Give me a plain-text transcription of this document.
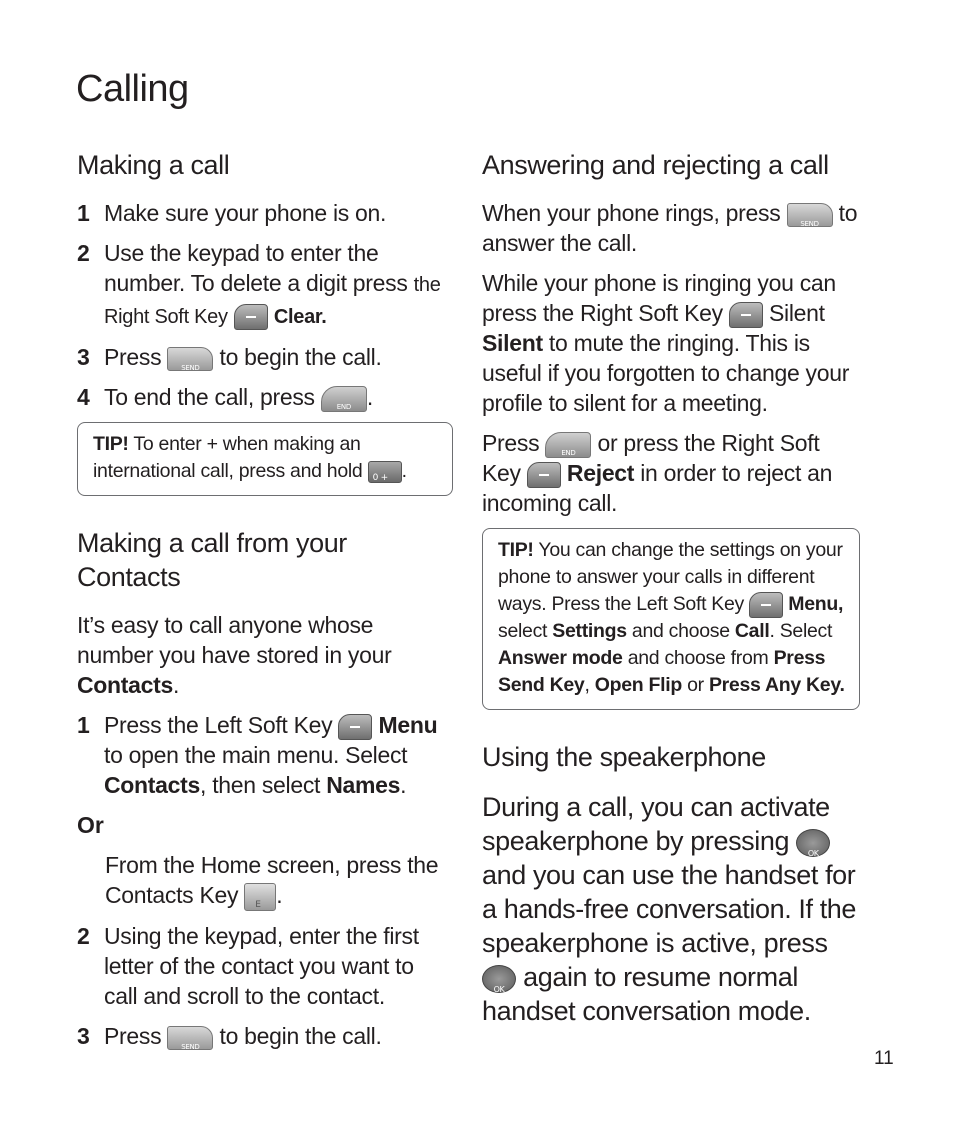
Calling
Making a call
1 Make sure your phone is on.
2 Use the keypad to enter the number. To delete a digit press the Right Soft Key Clear.
3 Press	SEND to begin the call.
4 To end the call, press	END .
TIP! To enter + when making an international call, press and hold 0 + .
Making a call from your Contacts

It’s easy to call anyone whose number you have stored in your Contacts.

1 Press the Left Soft Key Menu to open the main menu. Select Contacts, then select Names.
Or

From the Home screen, press the Contacts Key E .

2 Using the keypad, enter the first letter of the contact you want to call and scroll to the contact.
3 Press	SEND to begin the call.
Answering and rejecting a call

When your phone rings, press	SEND to answer the call.

While your phone is ringing you can press the Right Soft Key Silent Silent to mute the ringing. This is useful if you forgotten to change your profile to silent for a meeting.

Press	END or press the Right Soft Key Reject in order to reject an incoming call.

TIP! You can change the settings on your phone to answer your calls in different ways. Press the Left Soft Key Menu, select Settings and choose Call. Select Answer mode and choose from Press Send Key, Open Flip or Press Any Key.
Using the speakerphone

During a call, you can activate speakerphone by pressing	OK
and you can use the handset for a hands-free conversation. If the speakerphone is active, press
OK again to resume normal handset conversation mode.

11
